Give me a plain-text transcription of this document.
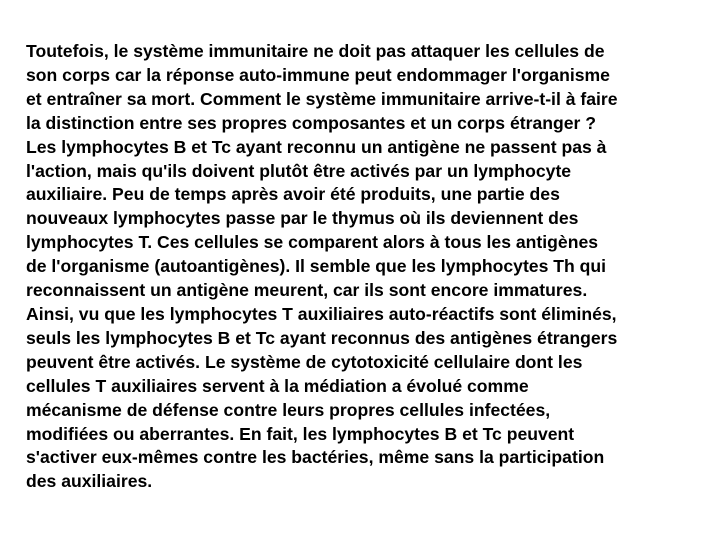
Toutefois, le système immunitaire ne doit pas attaquer les cellules de
son corps car la réponse auto-immune peut endommager l'organisme
et entraîner sa mort. Comment le système immunitaire arrive-t-il à faire
la distinction entre ses propres composantes et un corps étranger ?
Les lymphocytes B et Tc ayant reconnu un antigène ne passent pas à
l'action, mais qu'ils doivent plutôt être activés par un lymphocyte
auxiliaire. Peu de temps après avoir été produits, une partie des
nouveaux lymphocytes passe par le thymus où ils deviennent des
lymphocytes T. Ces cellules se comparent alors à tous les antigènes
de l'organisme (autoantigènes). Il semble que les lymphocytes Th qui
reconnaissent un antigène meurent, car ils sont encore immatures.
Ainsi, vu que les lymphocytes T auxiliaires auto-réactifs sont éliminés,
seuls les lymphocytes B et Tc ayant reconnus des antigènes étrangers
peuvent être activés. Le système de cytotoxicité cellulaire dont les
cellules T auxiliaires servent à la médiation a évolué comme
mécanisme de défense contre leurs propres cellules infectées,
modifiées ou aberrantes. En fait, les lymphocytes B et Tc peuvent
s'activer eux-mêmes contre les bactéries, même sans la participation
des auxiliaires.
